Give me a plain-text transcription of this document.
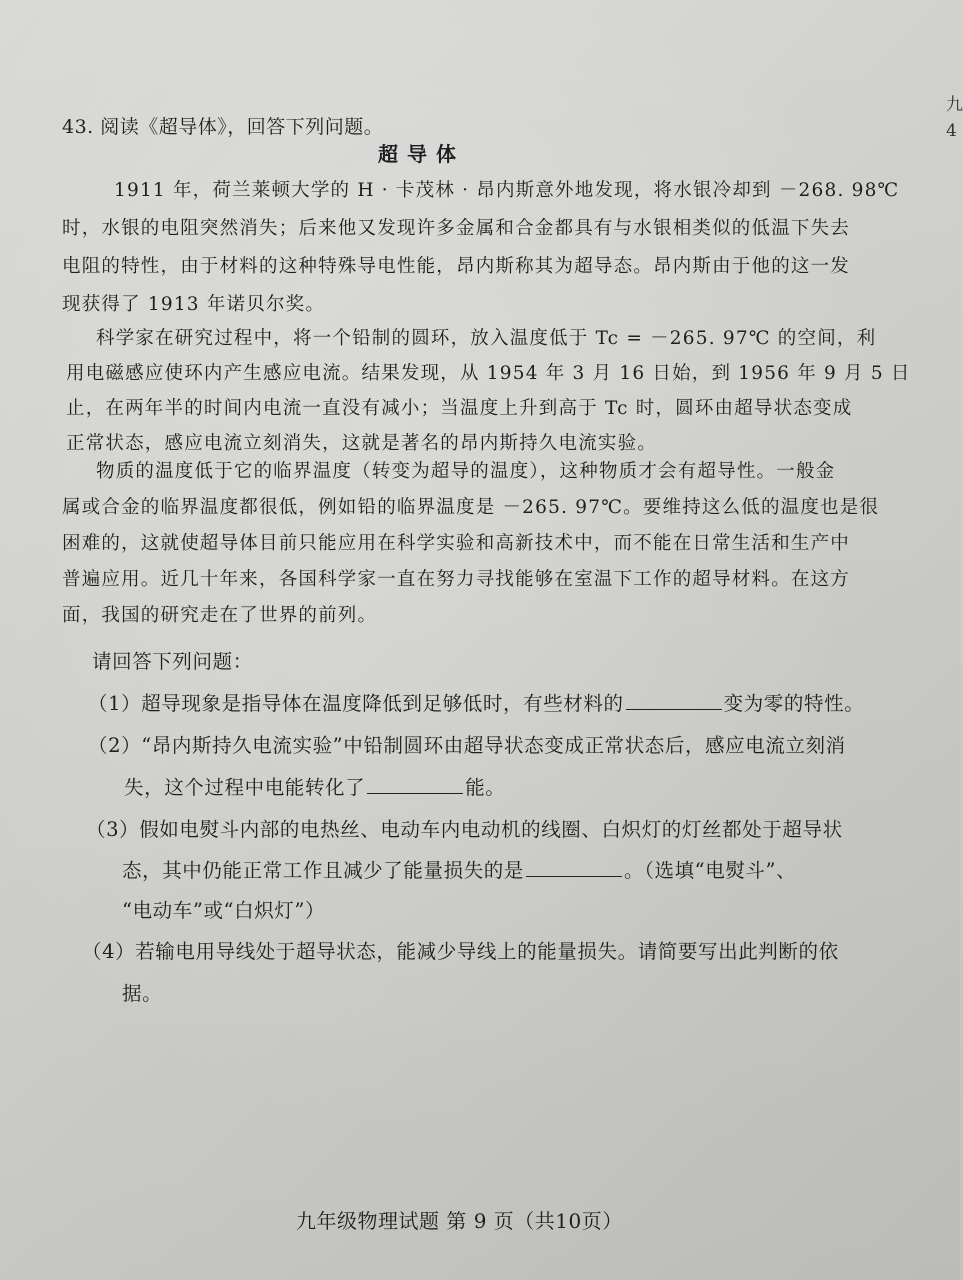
九
4
43. 阅读《超导体》，回答下列问题。
超导体
1911 年，荷兰莱顿大学的 H · 卡茂林 · 昂内斯意外地发现，将水银冷却到 －268. 98℃
时，水银的电阻突然消失；后来他又发现许多金属和合金都具有与水银相类似的低温下失去
电阻的特性，由于材料的这种特殊导电性能，昂内斯称其为超导态。昂内斯由于他的这一发
现获得了 1913 年诺贝尔奖。
科学家在研究过程中，将一个铅制的圆环，放入温度低于 Tc = －265. 97℃ 的空间，利
用电磁感应使环内产生感应电流。结果发现，从 1954 年 3 月 16 日始，到 1956 年 9 月 5 日
止，在两年半的时间内电流一直没有减小；当温度上升到高于 Tc 时，圆环由超导状态变成
正常状态，感应电流立刻消失，这就是著名的昂内斯持久电流实验。
物质的温度低于它的临界温度（转变为超导的温度），这种物质才会有超导性。一般金
属或合金的临界温度都很低，例如铅的临界温度是 －265. 97℃。要维持这么低的温度也是很
困难的，这就使超导体目前只能应用在科学实验和高新技术中，而不能在日常生活和生产中
普遍应用。近几十年来，各国科学家一直在努力寻找能够在室温下工作的超导材料。在这方
面，我国的研究走在了世界的前列。
请回答下列问题：
（1）超导现象是指导体在温度降低到足够低时，有些材料的	变为零的特性。
（2）“昂内斯持久电流实验”中铅制圆环由超导状态变成正常状态后，感应电流立刻消
失，这个过程中电能转化了	能。
（3）假如电熨斗内部的电热丝、电动车内电动机的线圈、白炽灯的灯丝都处于超导状
态，其中仍能正常工作且减少了能量损失的是	。（选填“电熨斗”、
“电动车”或“白炽灯”）
（4）若输电用导线处于超导状态，能减少导线上的能量损失。请简要写出此判断的依
据。
九年级物理试题 第 9 页（共10页）
